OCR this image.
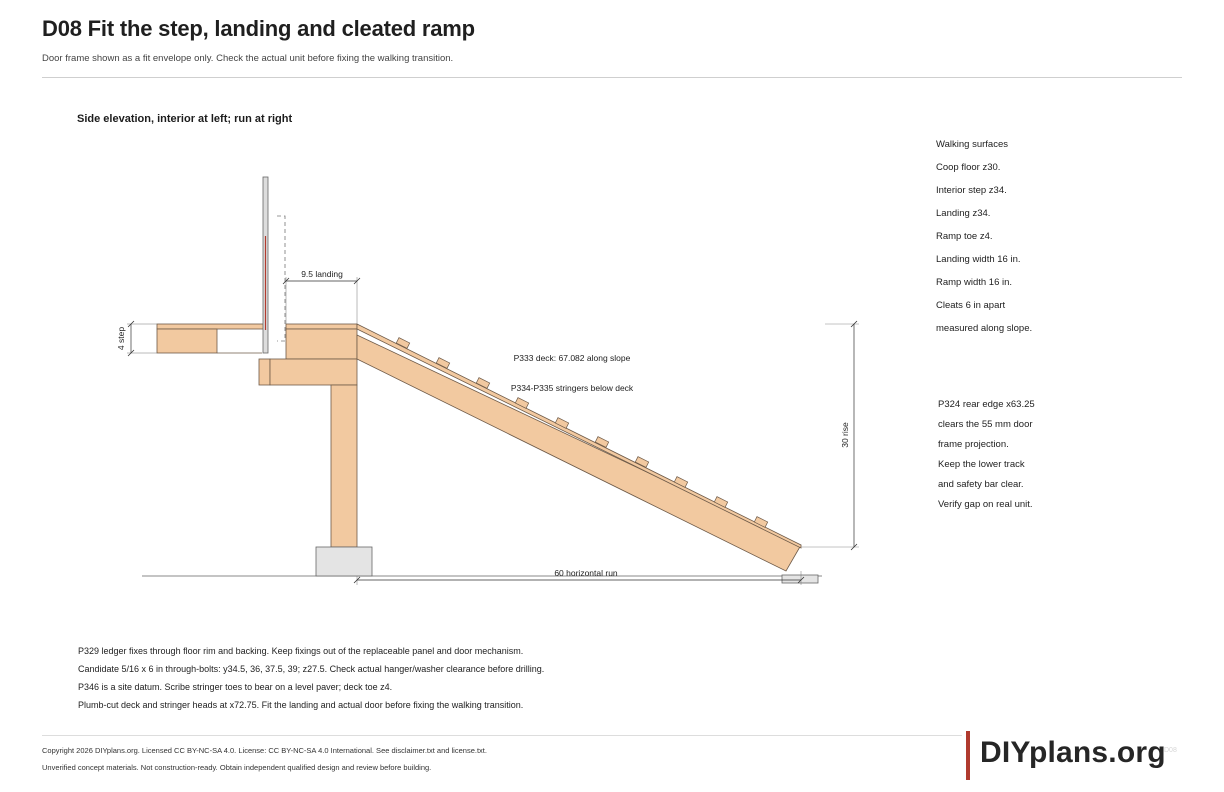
D08 Fit the step, landing and cleated ramp
Door frame shown as a fit envelope only. Check the actual unit before fixing the walking transition.
Side elevation, interior at left; run at right
4 step
9.5 landing
P333 deck: 67.082 along slope
P334-P335 stringers below deck
30 rise
60 horizontal run
Walking surfaces
Coop floor z30.
Interior step z34.
Landing z34.
Ramp toe z4.
Landing width 16 in.
Ramp width 16 in.
Cleats 6 in apart
measured along slope.
P324 rear edge x63.25
clears the 55 mm door
frame projection.
Keep the lower track
and safety bar clear.
Verify gap on real unit.
P329 ledger fixes through floor rim and backing. Keep fixings out of the replaceable panel and door mechanism.
Candidate 5/16 x 6 in through-bolts: y34.5, 36, 37.5, 39; z27.5. Check actual hanger/washer clearance before drilling.
P346 is a site datum. Scribe stringer toes to bear on a level paver; deck toe z4.
Plumb-cut deck and stringer heads at x72.75. Fit the landing and actual door before fixing the walking transition.
Copyright 2026 DIYplans.org. Licensed CC BY-NC-SA 4.0. License: CC BY-NC-SA 4.0 International. See disclaimer.txt and license.txt.
Unverified concept materials. Not construction-ready. Obtain independent qualified design and review before building.	DIYplans.org
D08
